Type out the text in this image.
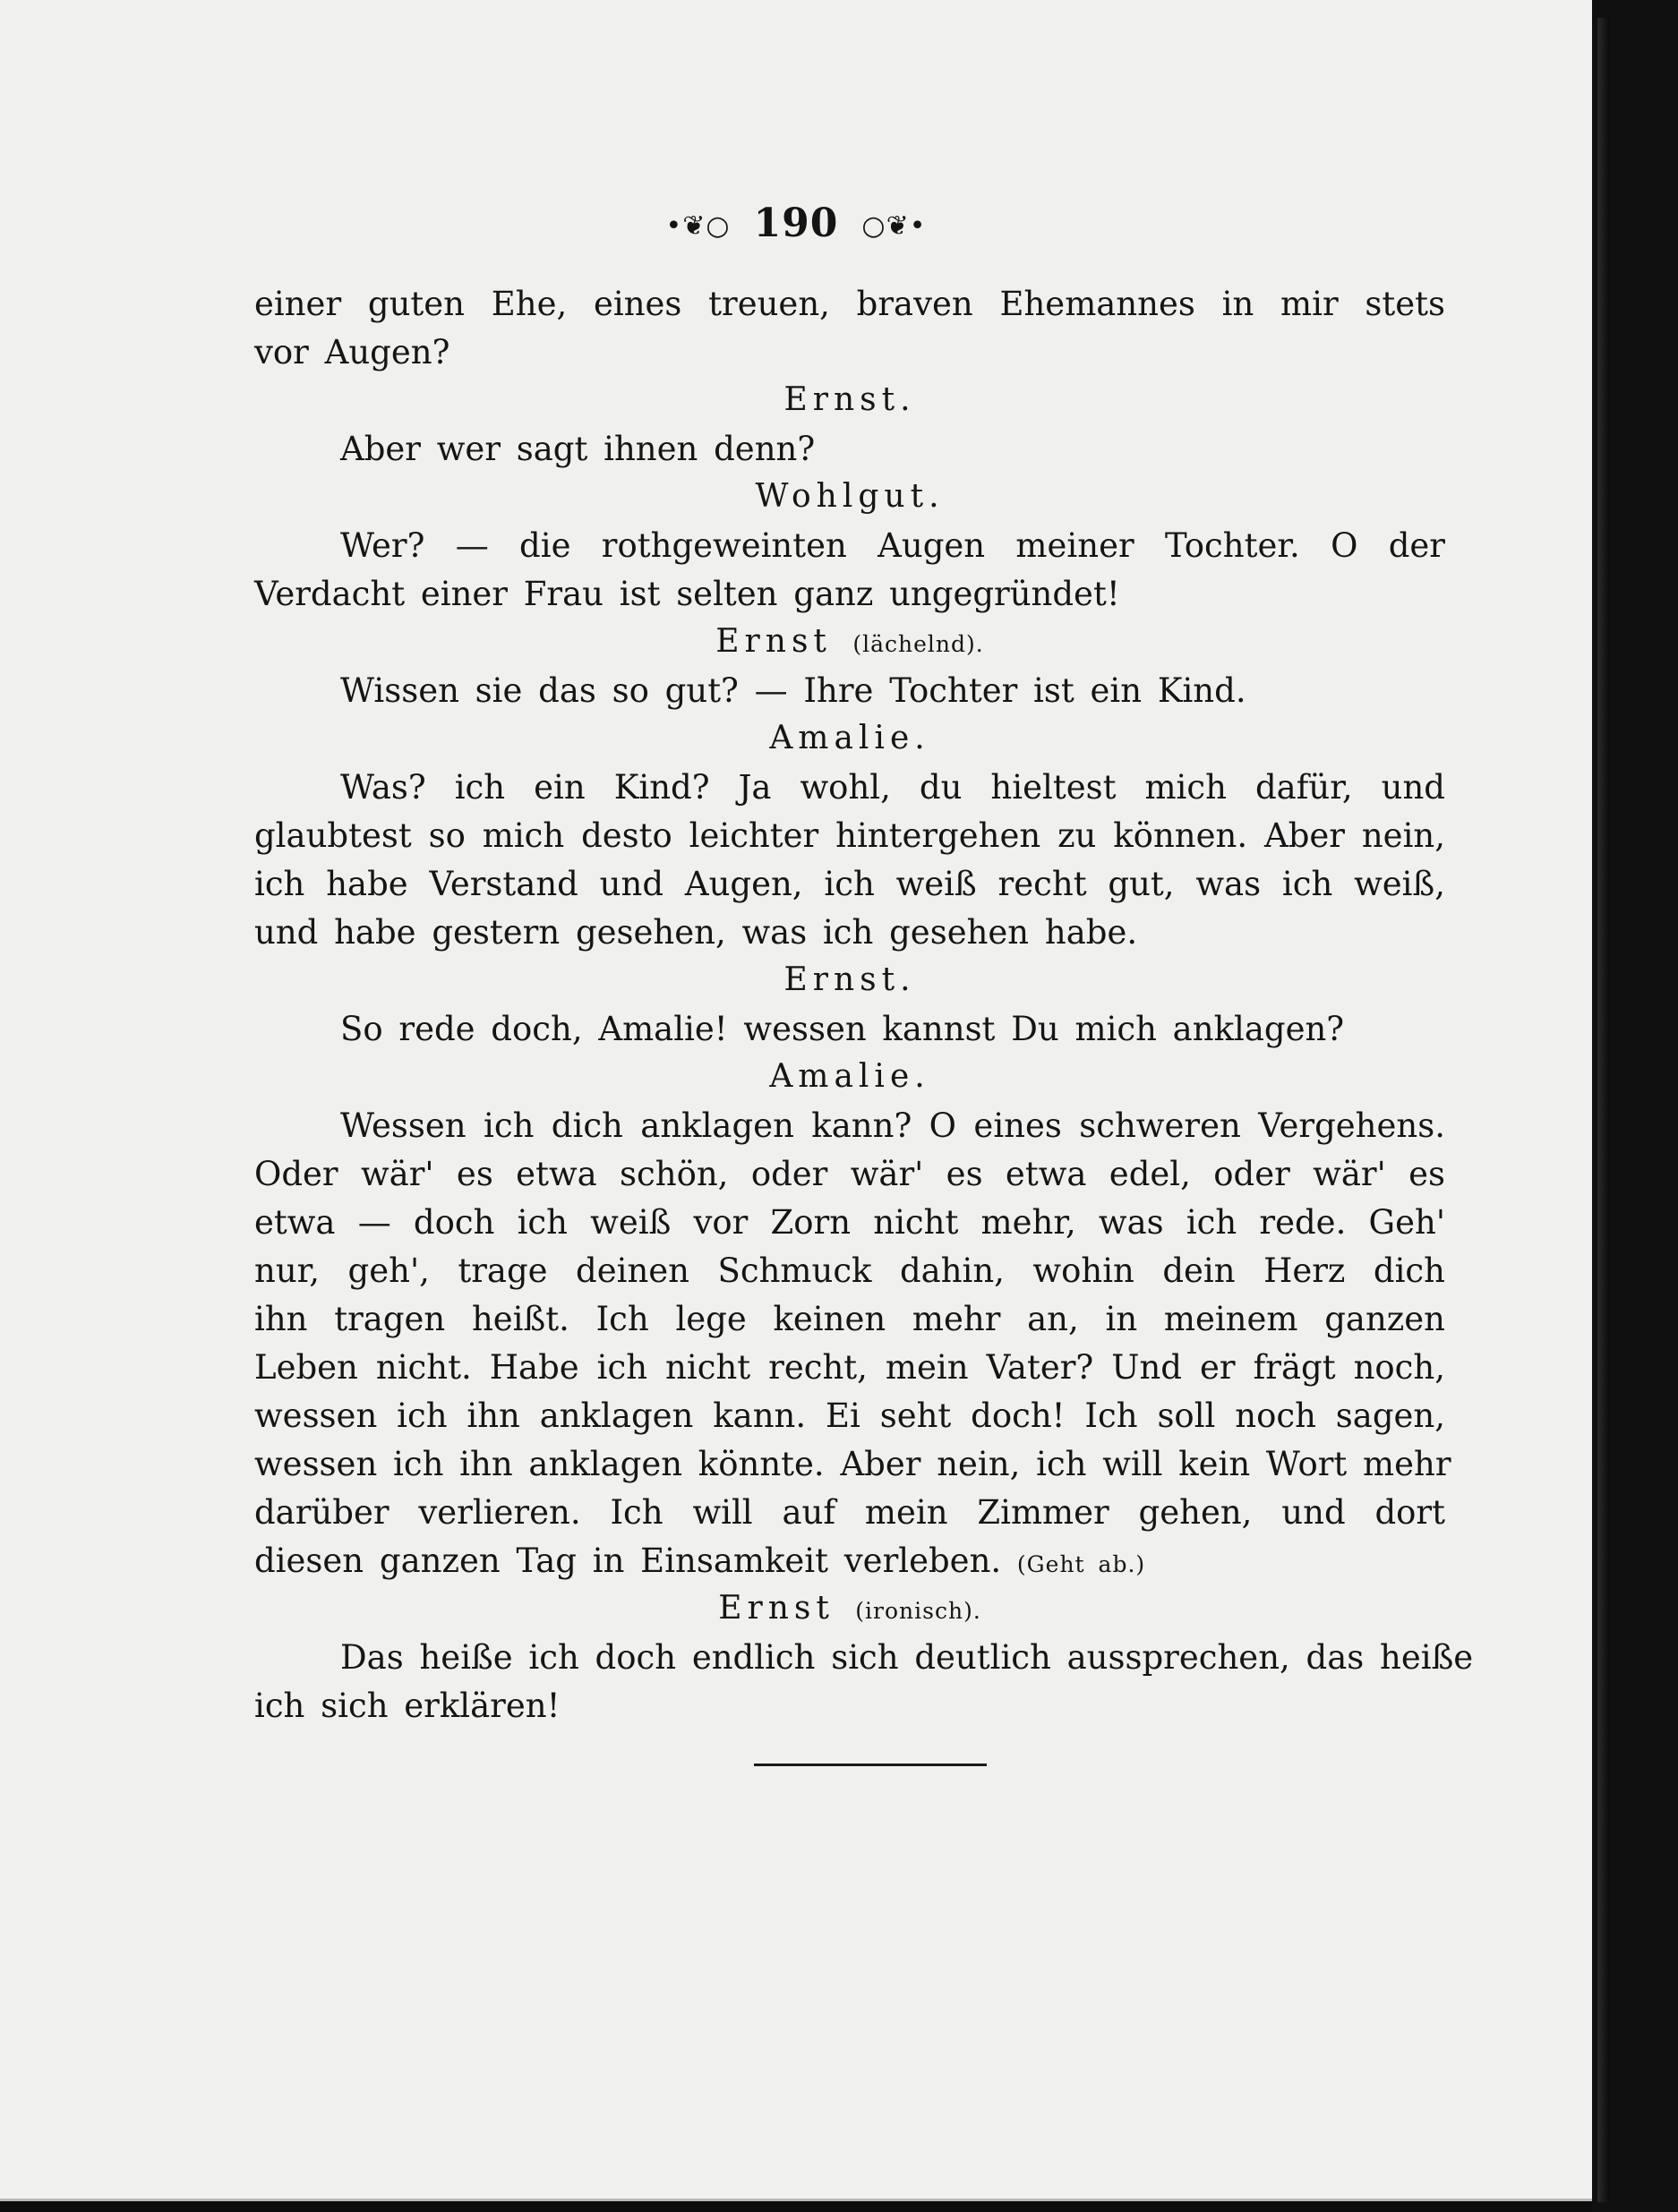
•❦○ 190 ○❦•
einer guten Ehe, eines treuen, braven Ehemannes in mir stets
vor Augen?
Ernst.
Aber wer sagt ihnen denn?
Wohlgut.
Wer? — die rothgeweinten Augen meiner Tochter. O der
Verdacht einer Frau ist selten ganz ungegründet!
Ernst (lächelnd).
Wissen sie das so gut? — Ihre Tochter ist ein Kind.
Amalie.
Was? ich ein Kind? Ja wohl, du hieltest mich dafür, und
glaubtest so mich desto leichter hintergehen zu können. Aber nein,
ich habe Verstand und Augen, ich weiß recht gut, was ich weiß,
und habe gestern gesehen, was ich gesehen habe.
Ernst.
So rede doch, Amalie! wessen kannst Du mich anklagen?
Amalie.
Wessen ich dich anklagen kann? O eines schweren Vergehens.
Oder wär' es etwa schön, oder wär' es etwa edel, oder wär' es
etwa — doch ich weiß vor Zorn nicht mehr, was ich rede. Geh'
nur, geh', trage deinen Schmuck dahin, wohin dein Herz dich
ihn tragen heißt. Ich lege keinen mehr an, in meinem ganzen
Leben nicht. Habe ich nicht recht, mein Vater? Und er frägt noch,
wessen ich ihn anklagen kann. Ei seht doch! Ich soll noch sagen,
wessen ich ihn anklagen könnte. Aber nein, ich will kein Wort mehr
darüber verlieren. Ich will auf mein Zimmer gehen, und dort
diesen ganzen Tag in Einsamkeit verleben. (Geht ab.)
Ernst (ironisch).
Das heiße ich doch endlich sich deutlich aussprechen, das heiße
ich sich erklären!
